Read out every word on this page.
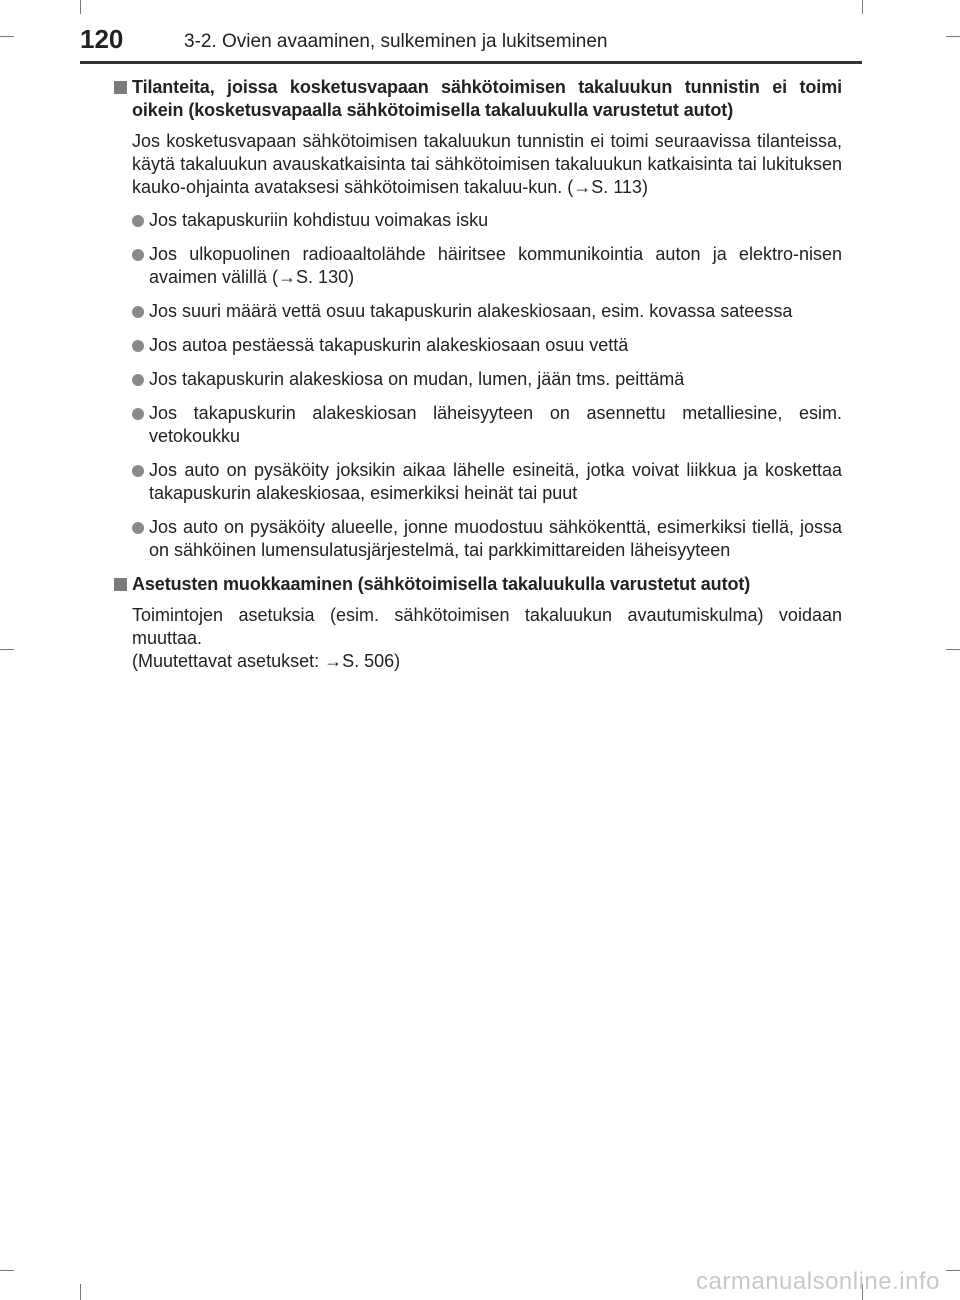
120	3-2. Ovien avaaminen, sulkeminen ja lukitseminen
Tilanteita, joissa kosketusvapaan sähkötoimisen takaluukun tunnistin ei toimi oikein (kosketusvapaalla sähkötoimisella takaluukulla varustetut autot)
Jos kosketusvapaan sähkötoimisen takaluukun tunnistin ei toimi seuraavissa tilanteissa, käytä takaluukun avauskatkaisinta tai sähkötoimisen takaluukun katkaisinta tai lukituksen kauko-ohjainta avataksesi sähkötoimisen takaluu-kun. (→S. 113)
Jos takapuskuriin kohdistuu voimakas isku
Jos ulkopuolinen radioaaltolähde häiritsee kommunikointia auton ja elektro-nisen avaimen välillä (→S. 130)
Jos suuri määrä vettä osuu takapuskurin alakeskiosaan, esim. kovassa sateessa
Jos autoa pestäessä takapuskurin alakeskiosaan osuu vettä
Jos takapuskurin alakeskiosa on mudan, lumen, jään tms. peittämä
Jos takapuskurin alakeskiosan läheisyyteen on asennettu metalliesine, esim. vetokoukku
Jos auto on pysäköity joksikin aikaa lähelle esineitä, jotka voivat liikkua ja koskettaa takapuskurin alakeskiosaa, esimerkiksi heinät tai puut
Jos auto on pysäköity alueelle, jonne muodostuu sähkökenttä, esimerkiksi tiellä, jossa on sähköinen lumensulatusjärjestelmä, tai parkkimittareiden läheisyyteen
Asetusten muokkaaminen (sähkötoimisella takaluukulla varustetut autot)
Toimintojen asetuksia (esim. sähkötoimisen takaluukun avautumiskulma) voidaan muuttaa.
(Muutettavat asetukset: →S. 506)
carmanualsonline.info
